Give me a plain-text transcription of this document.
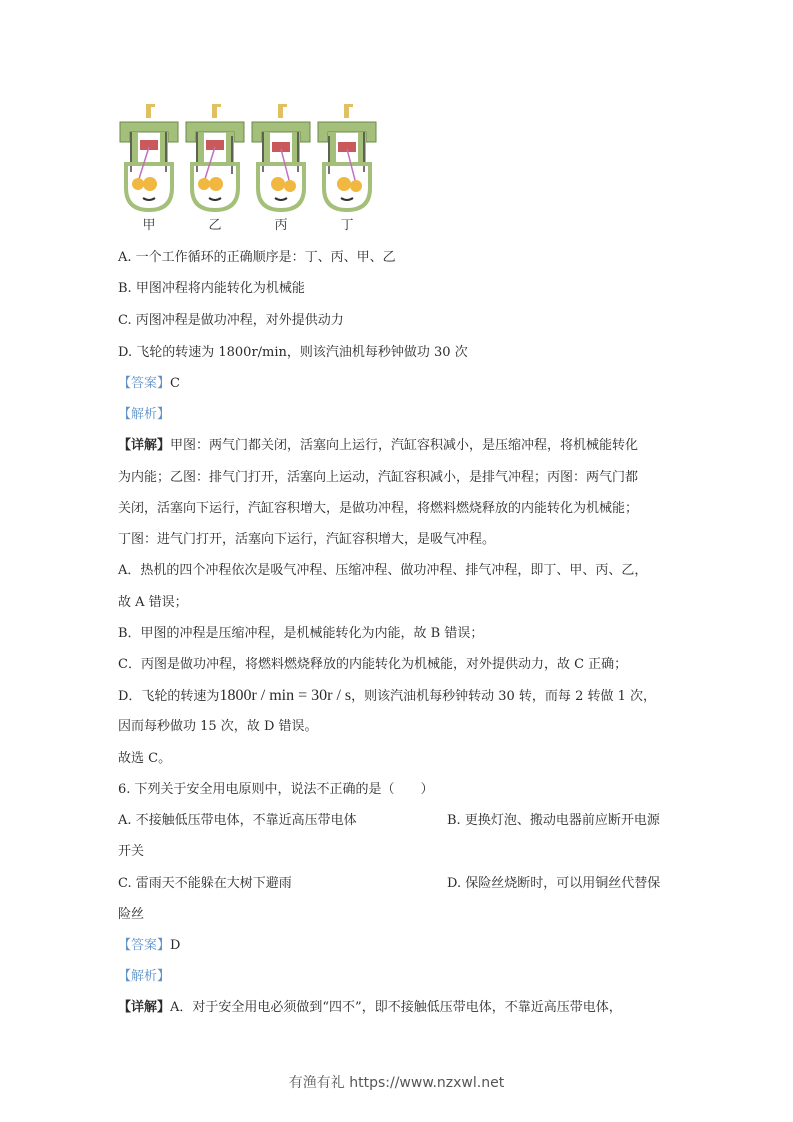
甲	乙	丙	丁
A. 一个工作循环的正确顺序是：丁、丙、甲、乙
B. 甲图冲程将内能转化为机械能
C. 丙图冲程是做功冲程，对外提供动力
D. 飞轮的转速为 1800r/min，则该汽油机每秒钟做功 30 次
【答案】C
【解析】
【详解】甲图：两气门都关闭，活塞向上运行，汽缸容积减小，是压缩冲程，将机械能转化
为内能；乙图：排气门打开，活塞向上运动，汽缸容积减小，是排气冲程；丙图：两气门都
关闭，活塞向下运行，汽缸容积增大，是做功冲程，将燃料燃烧释放的内能转化为机械能；
丁图：进气门打开，活塞向下运行，汽缸容积增大，是吸气冲程。
A．热机的四个冲程依次是吸气冲程、压缩冲程、做功冲程、排气冲程，即丁、甲、丙、乙，
故 A 错误；
B．甲图的冲程是压缩冲程，是机械能转化为内能，故 B 错误；
C．丙图是做功冲程，将燃料燃烧释放的内能转化为机械能，对外提供动力，故 C 正确；
D．飞轮的转速为1800r / min = 30r / s，则该汽油机每秒钟转动 30 转，而每 2 转做 1 次，
因而每秒做功 15 次，故 D 错误。
故选 C。
6. 下列关于安全用电原则中，说法不正确的是（　　）
A. 不接触低压带电体，不靠近高压带电体	B. 更换灯泡、搬动电器前应断开电源
开关
C. 雷雨天不能躲在大树下避雨	D. 保险丝烧断时，可以用铜丝代替保
险丝
【答案】D
【解析】
【详解】A．对于安全用电必须做到“四不”，即不接触低压带电体，不靠近高压带电体，
有渔有礼 https://www.nzxwl.net
